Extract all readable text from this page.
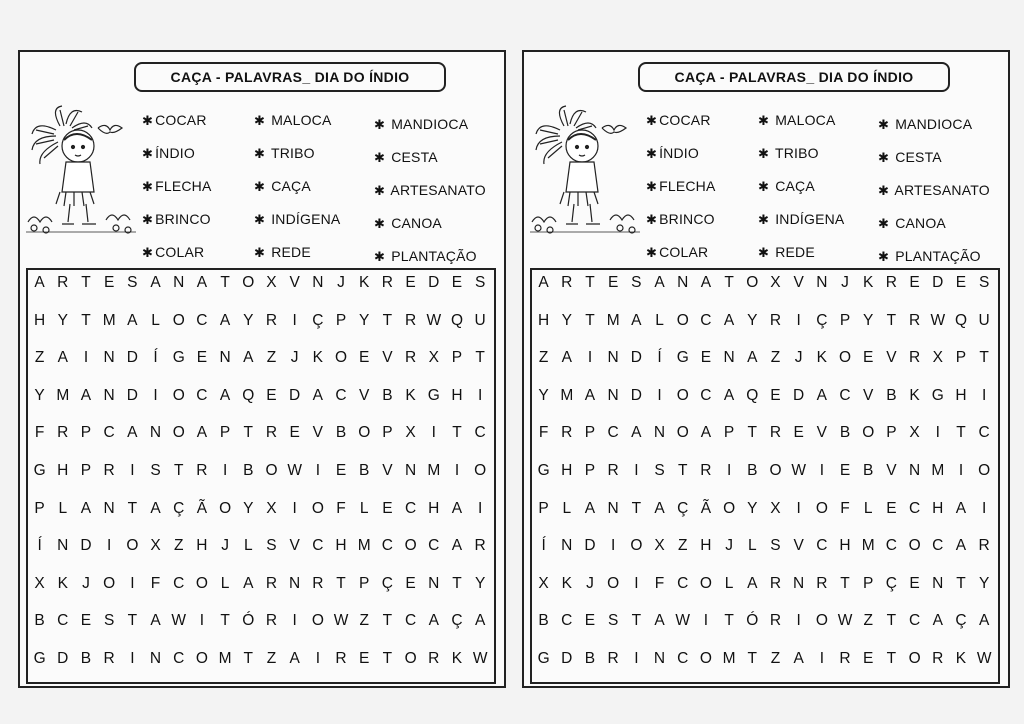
CAÇA - PALAVRAS_ DIA DO ÍNDIO
✱ COCAR
✱ ÍNDIO
✱ FLECHA
✱ BRINCO
✱ COLAR
✱ MALOCA
✱ TRIBO
✱ CAÇA
✱ INDÍGENA
✱ REDE
✱ MANDIOCA
✱ CESTA
✱ ARTESANATO
✱ CANOA
✱ PLANTAÇÃO
A R T E S A N A T O X V N J K R E D E S
H Y T M A L O C A Y R I Ç P Y T R W Q U
Z A I N D Í G E N A Z J K O E V R X P T
Y M A N D I O C A Q E D A C V B K G H I
F R P C A N O A P T R E V B O P X I T C
G H P R I S T R I B O W I E B V N M I O
P L A N T A Ç Ã O Y X I O F L E C H A I
Í N D I O X Z H J L S V C H M C O C A R
X K J O I F C O L A R N R T P Ç E N T Y
B C E S T A W I T Ó R I O W Z T C A Ç A
G D B R I N C O M T Z A I R E T O R K W
CAÇA - PALAVRAS_ DIA DO ÍNDIO
✱ COCAR
✱ ÍNDIO
✱ FLECHA
✱ BRINCO
✱ COLAR
✱ MALOCA
✱ TRIBO
✱ CAÇA
✱ INDÍGENA
✱ REDE
✱ MANDIOCA
✱ CESTA
✱ ARTESANATO
✱ CANOA
✱ PLANTAÇÃO
A R T E S A N A T O X V N J K R E D E S
H Y T M A L O C A Y R I Ç P Y T R W Q U
Z A I N D Í G E N A Z J K O E V R X P T
Y M A N D I O C A Q E D A C V B K G H I
F R P C A N O A P T R E V B O P X I T C
G H P R I S T R I B O W I E B V N M I O
P L A N T A Ç Ã O Y X I O F L E C H A I
Í N D I O X Z H J L S V C H M C O C A R
X K J O I F C O L A R N R T P Ç E N T Y
B C E S T A W I T Ó R I O W Z T C A Ç A
G D B R I N C O M T Z A I R E T O R K W
